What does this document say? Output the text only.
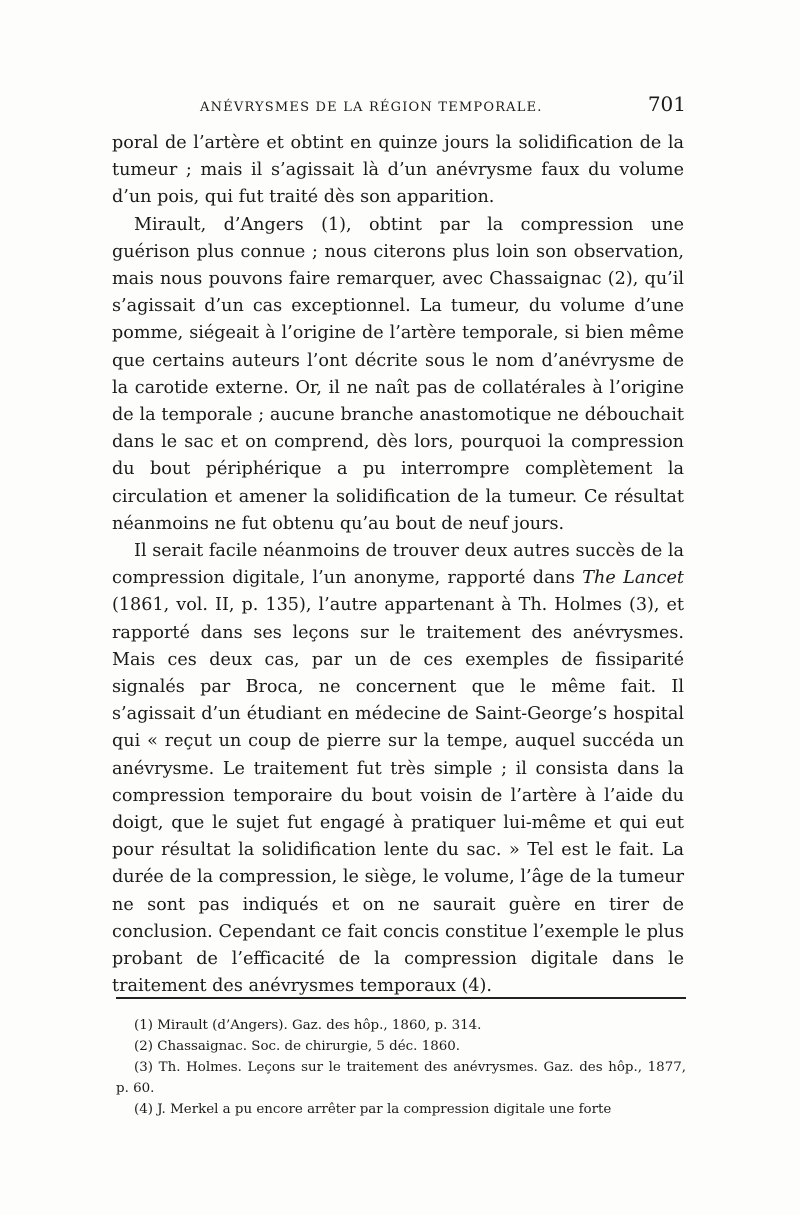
ANÉVRYSMES DE LA RÉGION TEMPORALE.	701

poral de l’artère et obtint en quinze jours la solidification de la tumeur ; mais il s’agissait là d’un anévrysme faux du volume d’un pois, qui fut traité dès son apparition.

Mirault, d’Angers (1), obtint par la compression une guérison plus connue ; nous citerons plus loin son observation, mais nous pouvons faire remarquer, avec Chassaignac (2), qu’il s’agissait d’un cas exceptionnel. La tumeur, du volume d’une pomme, siégeait à l’origine de l’artère temporale, si bien même que certains auteurs l’ont décrite sous le nom d’anévrysme de la carotide externe. Or, il ne naît pas de collatérales à l’origine de la temporale ; aucune branche anastomotique ne débouchait dans le sac et on comprend, dès lors, pourquoi la compression du bout périphérique a pu interrompre complètement la circulation et amener la solidification de la tumeur. Ce résultat néanmoins ne fut obtenu qu’au bout de neuf jours.

Il serait facile néanmoins de trouver deux autres succès de la compression digitale, l’un anonyme, rapporté dans The Lancet (1861, vol. II, p. 135), l’autre appartenant à Th. Holmes (3), et rapporté dans ses leçons sur le traitement des anévrysmes. Mais ces deux cas, par un de ces exemples de fissiparité signalés par Broca, ne concernent que le même fait. Il s’agissait d’un étudiant en médecine de Saint-George’s hospital qui « reçut un coup de pierre sur la tempe, auquel succéda un anévrysme. Le traitement fut très simple ; il consista dans la compression temporaire du bout voisin de l’artère à l’aide du doigt, que le sujet fut engagé à pratiquer lui-même et qui eut pour résultat la solidification lente du sac. » Tel est le fait. La durée de la compression, le siège, le volume, l’âge de la tumeur ne sont pas indiqués et on ne saurait guère en tirer de conclusion. Cependant ce fait concis constitue l’exemple le plus probant de l’efficacité de la compression digitale dans le traitement des anévrysmes temporaux (4).

(1) Mirault (d’Angers). Gaz. des hôp., 1860, p. 314.

(2) Chassaignac. Soc. de chirurgie, 5 déc. 1860.

(3) Th. Holmes. Leçons sur le traitement des anévrysmes. Gaz. des hôp., 1877, p. 60.

(4) J. Merkel a pu encore arrêter par la compression digitale une forte
